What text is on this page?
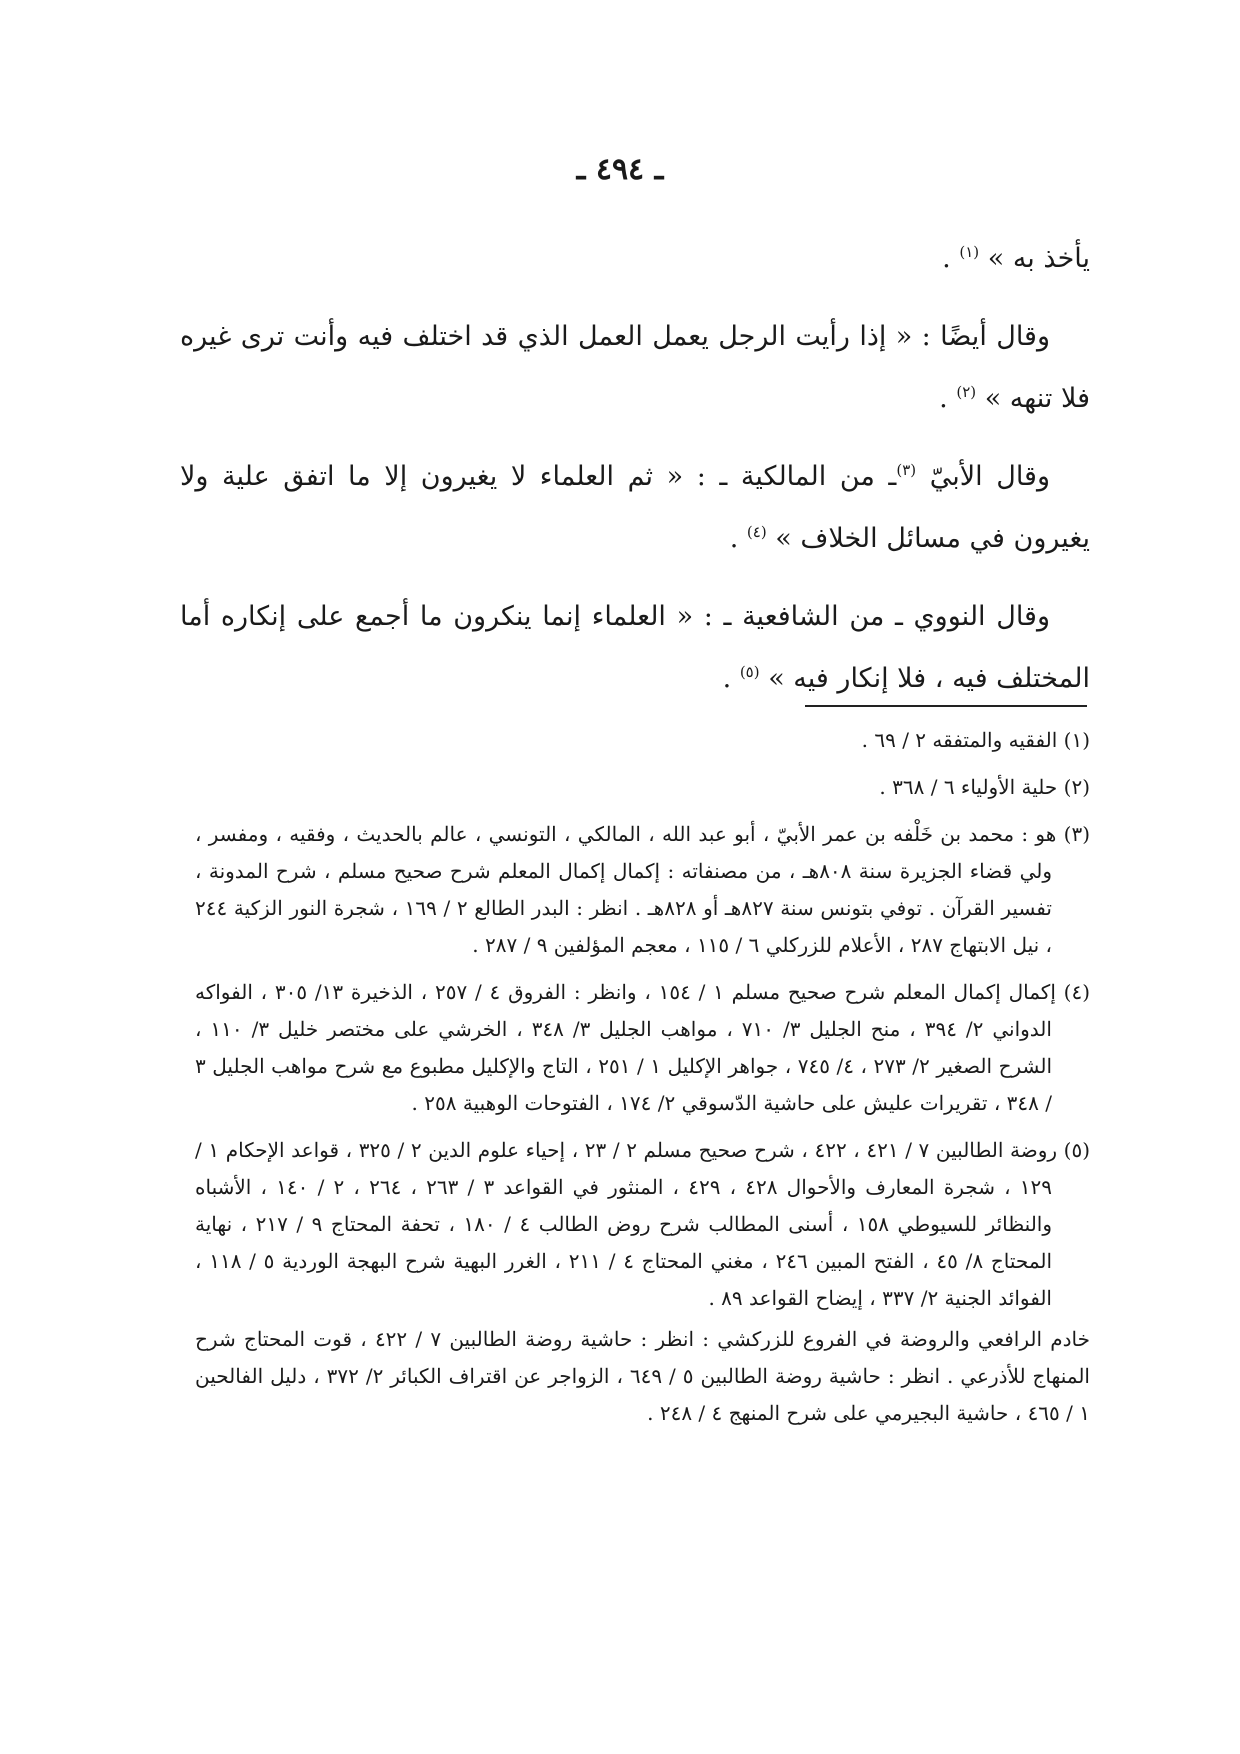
ـ ٤٩٤ ـ

يأخذ به » $^{(١)}$ .

وقال أيضًا : « إذا رأيت الرجل يعمل العمل الذي قد اختلف فيه وأنت ترى غيره فلا تنهه » $^{(٢)}$ .

وقال الأبيّ $^{(٣)}$ـ من المالكية ـ : « ثم العلماء لا يغيرون إلا ما اتفق علية ولا يغيرون في مسائل الخلاف » $^{(٤)}$ .

وقال النووي ـ من الشافعية ـ : « العلماء إنما ينكرون ما أجمع على إنكاره أما المختلف فيه ، فلا إنكار فيه » $^{(٥)}$ .

(١) الفقيه والمتفقه ٢ / ٦٩ .

(٢) حلية الأولياء ٦ / ٣٦٨ .

(٣) هو : محمد بن خَلْفه بن عمر الأبيّ ، أبو عبد الله ، المالكي ، التونسي ، عالم بالحديث ، وفقيه ، ومفسر ، ولي قضاء الجزيرة سنة ٨٠٨هـ ، من مصنفاته : إكمال إكمال المعلم شرح صحيح مسلم ، شرح المدونة ، تفسير القرآن . توفي بتونس سنة ٨٢٧هـ أو ٨٢٨هـ . انظر : البدر الطالع ٢ / ١٦٩ ، شجرة النور الزكية ٢٤٤ ، نيل الابتهاج ٢٨٧ ، الأعلام للزركلي ٦ / ١١٥ ، معجم المؤلفين ٩ / ٢٨٧ .

(٤) إكمال إكمال المعلم شرح صحيح مسلم ١ / ١٥٤ ، وانظر : الفروق ٤ / ٢٥٧ ، الذخيرة ١٣/ ٣٠٥ ، الفواكه الدواني ٢/ ٣٩٤ ، منح الجليل ٣/ ٧١٠ ، مواهب الجليل ٣/ ٣٤٨ ، الخرشي على مختصر خليل ٣/ ١١٠ ، الشرح الصغير ٢/ ٢٧٣ ، ٤/ ٧٤٥ ، جواهر الإكليل ١ / ٢٥١ ، التاج والإكليل مطبوع مع شرح مواهب الجليل ٣ / ٣٤٨ ، تقريرات عليش على حاشية الدّسوقي ٢/ ١٧٤ ، الفتوحات الوهبية ٢٥٨ .

(٥) روضة الطالبين ٧ / ٤٢١ ، ٤٢٢ ، شرح صحيح مسلم ٢ / ٢٣ ، إحياء علوم الدين ٢ / ٣٢٥ ، قواعد الإحكام ١ / ١٢٩ ، شجرة المعارف والأحوال ٤٢٨ ، ٤٢٩ ، المنثور في القواعد ٣ / ٢٦٣ ، ٢٦٤ ، ٢ / ١٤٠ ، الأشباه والنظائر للسيوطي ١٥٨ ، أسنى المطالب شرح روض الطالب ٤ / ١٨٠ ، تحفة المحتاج ٩ / ٢١٧ ، نهاية المحتاج ٨/ ٤٥ ، الفتح المبين ٢٤٦ ، مغني المحتاج ٤ / ٢١١ ، الغرر البهية شرح البهجة الوردية ٥ / ١١٨ ، الفوائد الجنية ٢/ ٣٣٧ ، إيضاح القواعد ٨٩ .

خادم الرافعي والروضة في الفروع للزركشي : انظر : حاشية روضة الطالبين ٧ / ٤٢٢ ، قوت المحتاج شرح المنهاج للأذرعي . انظر : حاشية روضة الطالبين ٥ / ٦٤٩ ، الزواجر عن اقتراف الكبائر ٢/ ٣٧٢ ، دليل الفالحين ١ / ٤٦٥ ، حاشية البجيرمي على شرح المنهج ٤ / ٢٤٨ .
